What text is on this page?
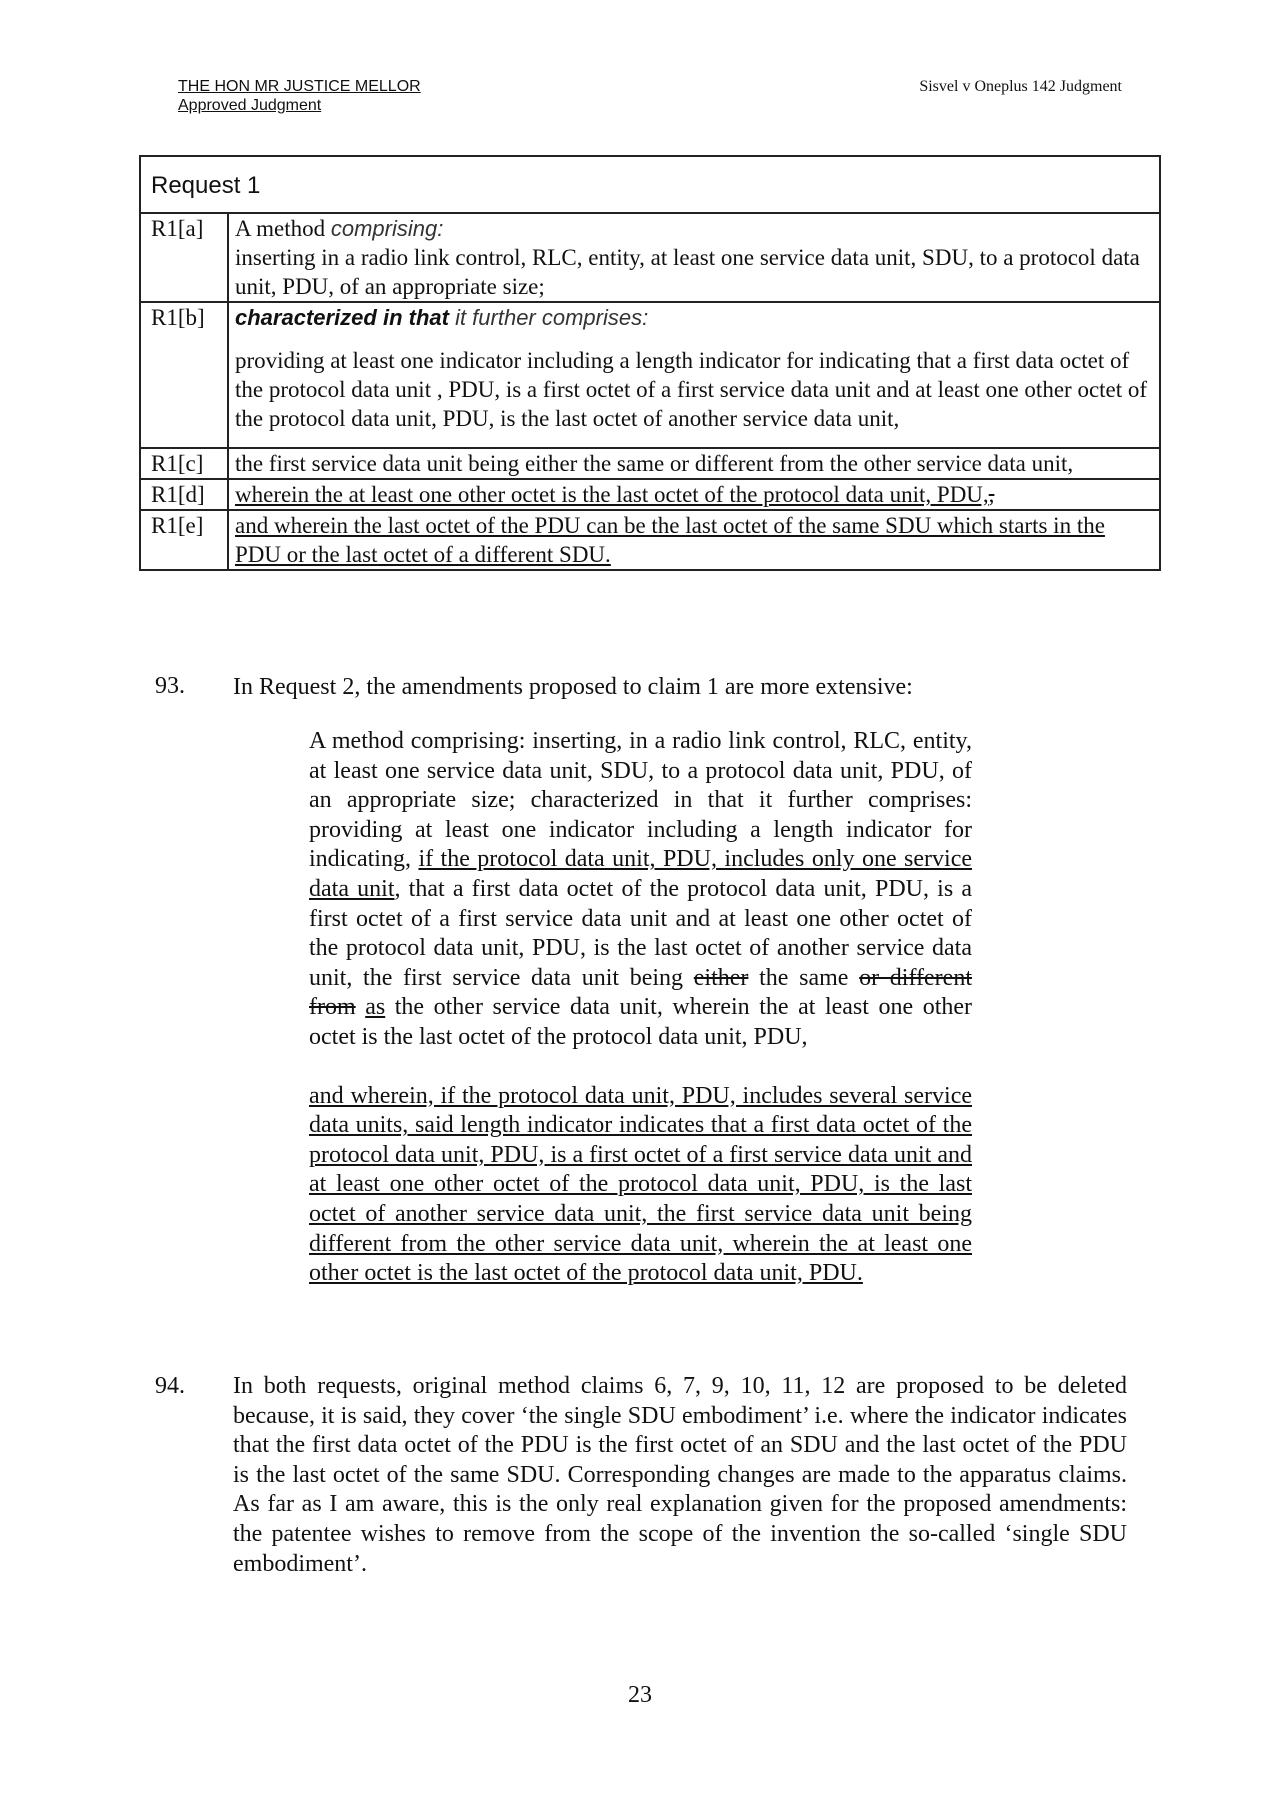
THE HON MR JUSTICE MELLOR
Approved Judgment
Sisvel v Oneplus 142 Judgment
Request 1	
R1[a]	A method comprising:
inserting in a radio link control, RLC, entity, at least one service data unit, SDU, to a protocol data unit, PDU, of an appropriate size;
R1[b]	characterized in that it further comprises:
providing at least one indicator including a length indicator for indicating that a first data octet of the protocol data unit , PDU, is a first octet of a first service data unit and at least one other octet of the protocol data unit, PDU, is the last octet of another service data unit,

R1[c]	the first service data unit being either the same or different from the other service data unit,
R1[d]	wherein the at least one other octet is the last octet of the protocol data unit, PDU,,
R1[e]	and wherein the last octet of the PDU can be the last octet of the same SDU which starts in the PDU or the last octet of a different SDU.
93. In Request 2, the amendments proposed to claim 1 are more extensive:

A method comprising: inserting, in a radio link control, RLC, entity, at least one service data unit, SDU, to a protocol data unit, PDU, of an appropriate size; characterized in that it further comprises: providing at least one indicator including a length indicator for indicating, if the protocol data unit, PDU, includes only one service data unit, that a first data octet of the protocol data unit, PDU, is a first octet of a first service data unit and at least one other octet of the protocol data unit, PDU, is the last octet of another service data unit, the first service data unit being either the same or different from as the other service data unit, wherein the at least one other octet is the last octet of the protocol data unit, PDU,

and wherein, if the protocol data unit, PDU, includes several service data units, said length indicator indicates that a first data octet of the protocol data unit, PDU, is a first octet of a first service data unit and at least one other octet of the protocol data unit, PDU, is the last octet of another service data unit, the first service data unit being different from the other service data unit, wherein the at least one other octet is the last octet of the protocol data unit, PDU.

94. In both requests, original method claims 6, 7, 9, 10, 11, 12 are proposed to be deleted because, it is said, they cover ‘the single SDU embodiment’ i.e. where the indicator indicates that the first data octet of the PDU is the first octet of an SDU and the last octet of the PDU is the last octet of the same SDU. Corresponding changes are made to the apparatus claims. As far as I am aware, this is the only real explanation given for the proposed amendments: the patentee wishes to remove from the scope of the invention the so-called ‘single SDU embodiment’.
23
